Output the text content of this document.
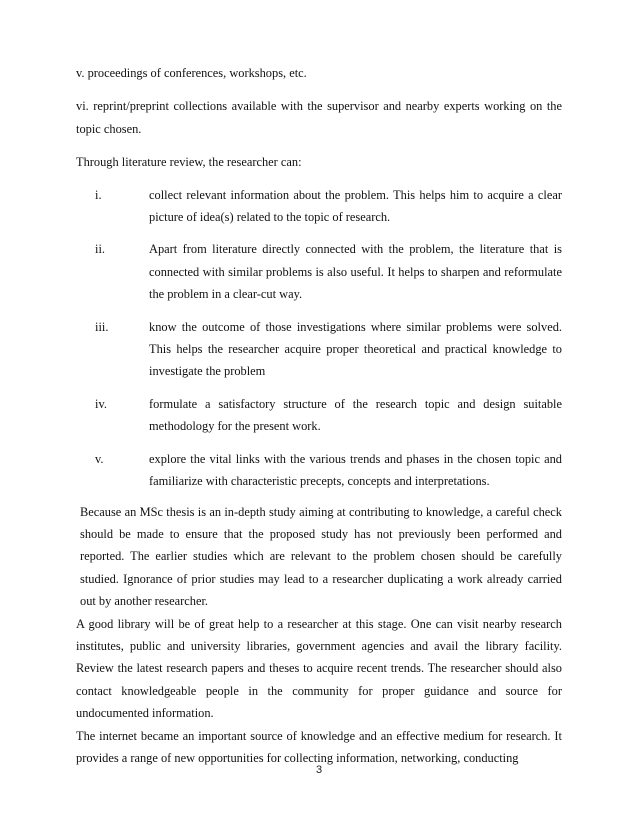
v. proceedings of conferences, workshops, etc.

vi. reprint/preprint collections available with the supervisor and nearby experts working on the topic chosen.

Through literature review, the researcher can:

i.	collect relevant information about the problem. This helps him to acquire a clear picture of idea(s) related to the topic of research.
ii.	Apart from literature directly connected with the problem, the literature that is connected with similar problems is also useful. It helps to sharpen and reformulate the problem in a clear-cut way.
iii.	know the outcome of those investigations where similar problems were solved. This helps the researcher acquire proper theoretical and practical knowledge to investigate the problem
iv.	formulate a satisfactory structure of the research topic and design suitable methodology for the present work.
v.	explore the vital links with the various trends and phases in the chosen topic and familiarize with characteristic precepts, concepts and interpretations.

Because an MSc thesis is an in-depth study aiming at contributing to knowledge, a careful check should be made to ensure that the proposed study has not previously been performed and reported. The earlier studies which are relevant to the problem chosen should be carefully studied. Ignorance of prior studies may lead to a researcher duplicating a work already carried out by another researcher.

A good library will be of great help to a researcher at this stage. One can visit nearby research institutes, public and university libraries, government agencies and avail the library facility. Review the latest research papers and theses to acquire recent trends. The researcher should also contact knowledgeable people in the community for proper guidance and source for undocumented information.

The internet became an important source of knowledge and an effective medium for research. It provides a range of new opportunities for collecting information, networking, conducting

3
